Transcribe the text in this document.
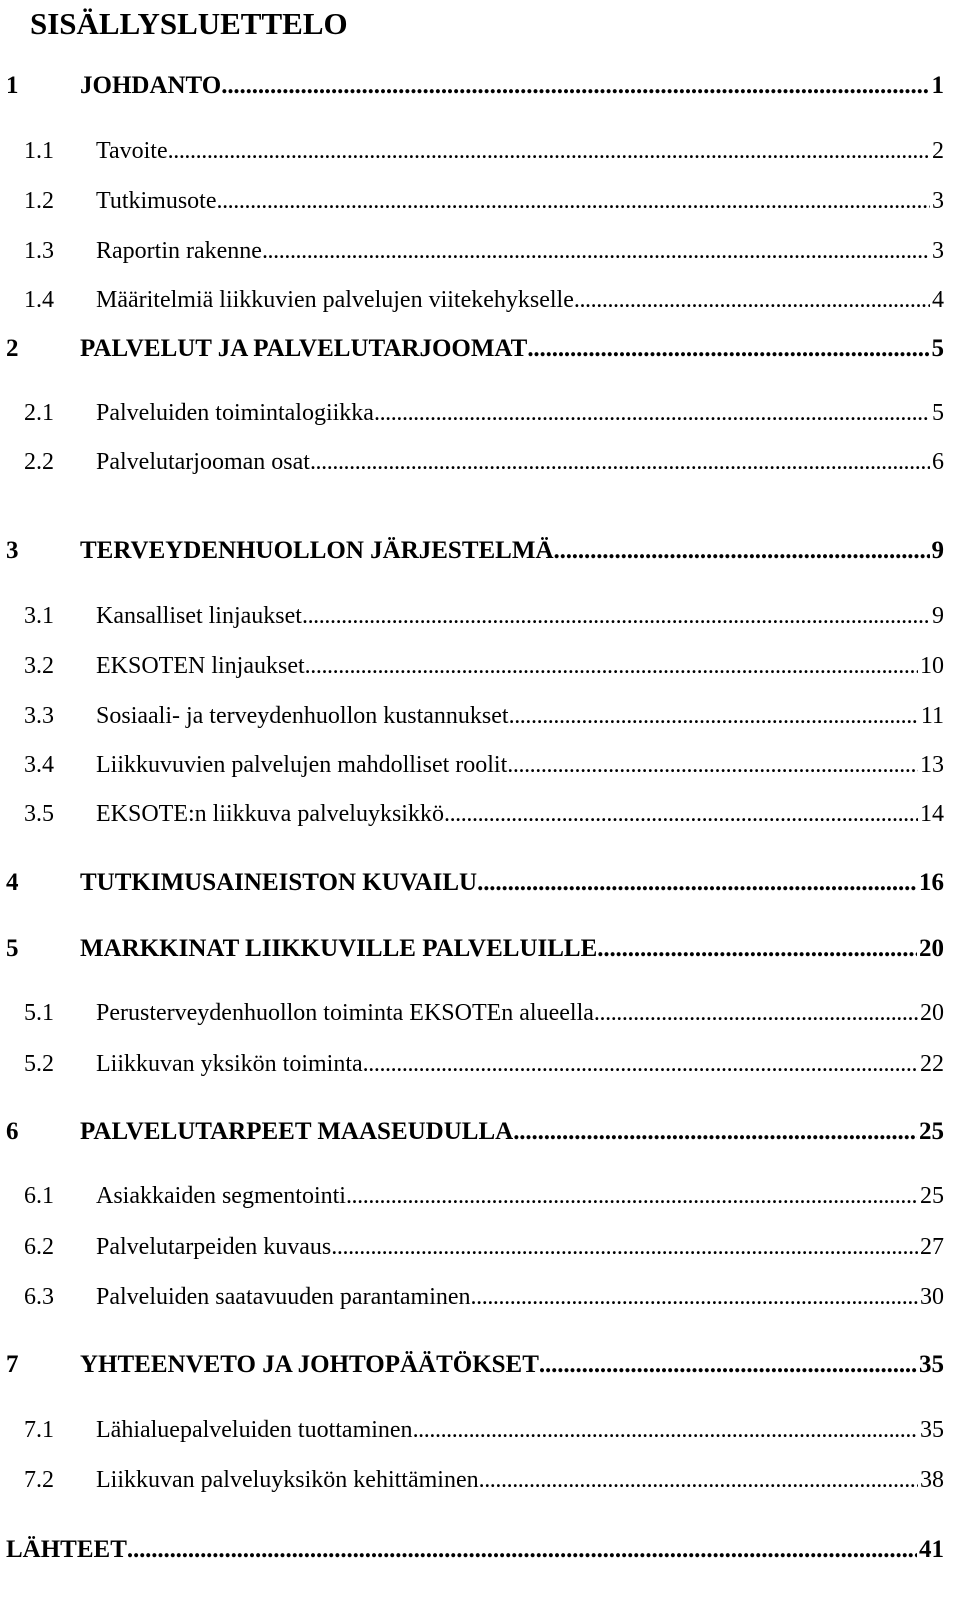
SISÄLLYSLUETTELO
1	JOHDANTO . . .	1
1.1	Tavoite . . .	2
1.2	Tutkimusote . . .	3
1.3	Raportin rakenne . . .	3
1.4	Määritelmiä liikkuvien palvelujen viitekehykselle . . .	4
2	PALVELUT JA PALVELUTARJOOMAT . . .	5
2.1	Palveluiden toimintalogiikka . . .	5
2.2	Palvelutarjooman osat . . .	6
3	TERVEYDENHUOLLON JÄRJESTELMÄ . . .	9
3.1	Kansalliset linjaukset . . .	9
3.2	EKSOTEN linjaukset . . .	10
3.3	Sosiaali- ja terveydenhuollon kustannukset . . .	11
3.4	Liikkuvuvien palvelujen mahdolliset roolit . . .	13
3.5	EKSOTE:n liikkuva palveluyksikkö . . .	14
4	TUTKIMUSAINEISTON KUVAILU . . .	16
5	MARKKINAT LIIKKUVILLE PALVELUILLE . . .	20
5.1	Perusterveydenhuollon toiminta EKSOTEn alueella . . .	20
5.2	Liikkuvan yksikön toiminta . . .	22
6	PALVELUTARPEET MAASEUDULLA . . .	25
6.1	Asiakkaiden segmentointi . . .	25
6.2	Palvelutarpeiden kuvaus . . .	27
6.3	Palveluiden saatavuuden parantaminen . . .	30
7	YHTEENVETO JA JOHTOPÄÄTÖKSET . . .	35
7.1	Lähialuepalveluiden tuottaminen . . .	35
7.2	Liikkuvan palveluyksikön kehittäminen . . .	38
LÄHTEET . . .	41
